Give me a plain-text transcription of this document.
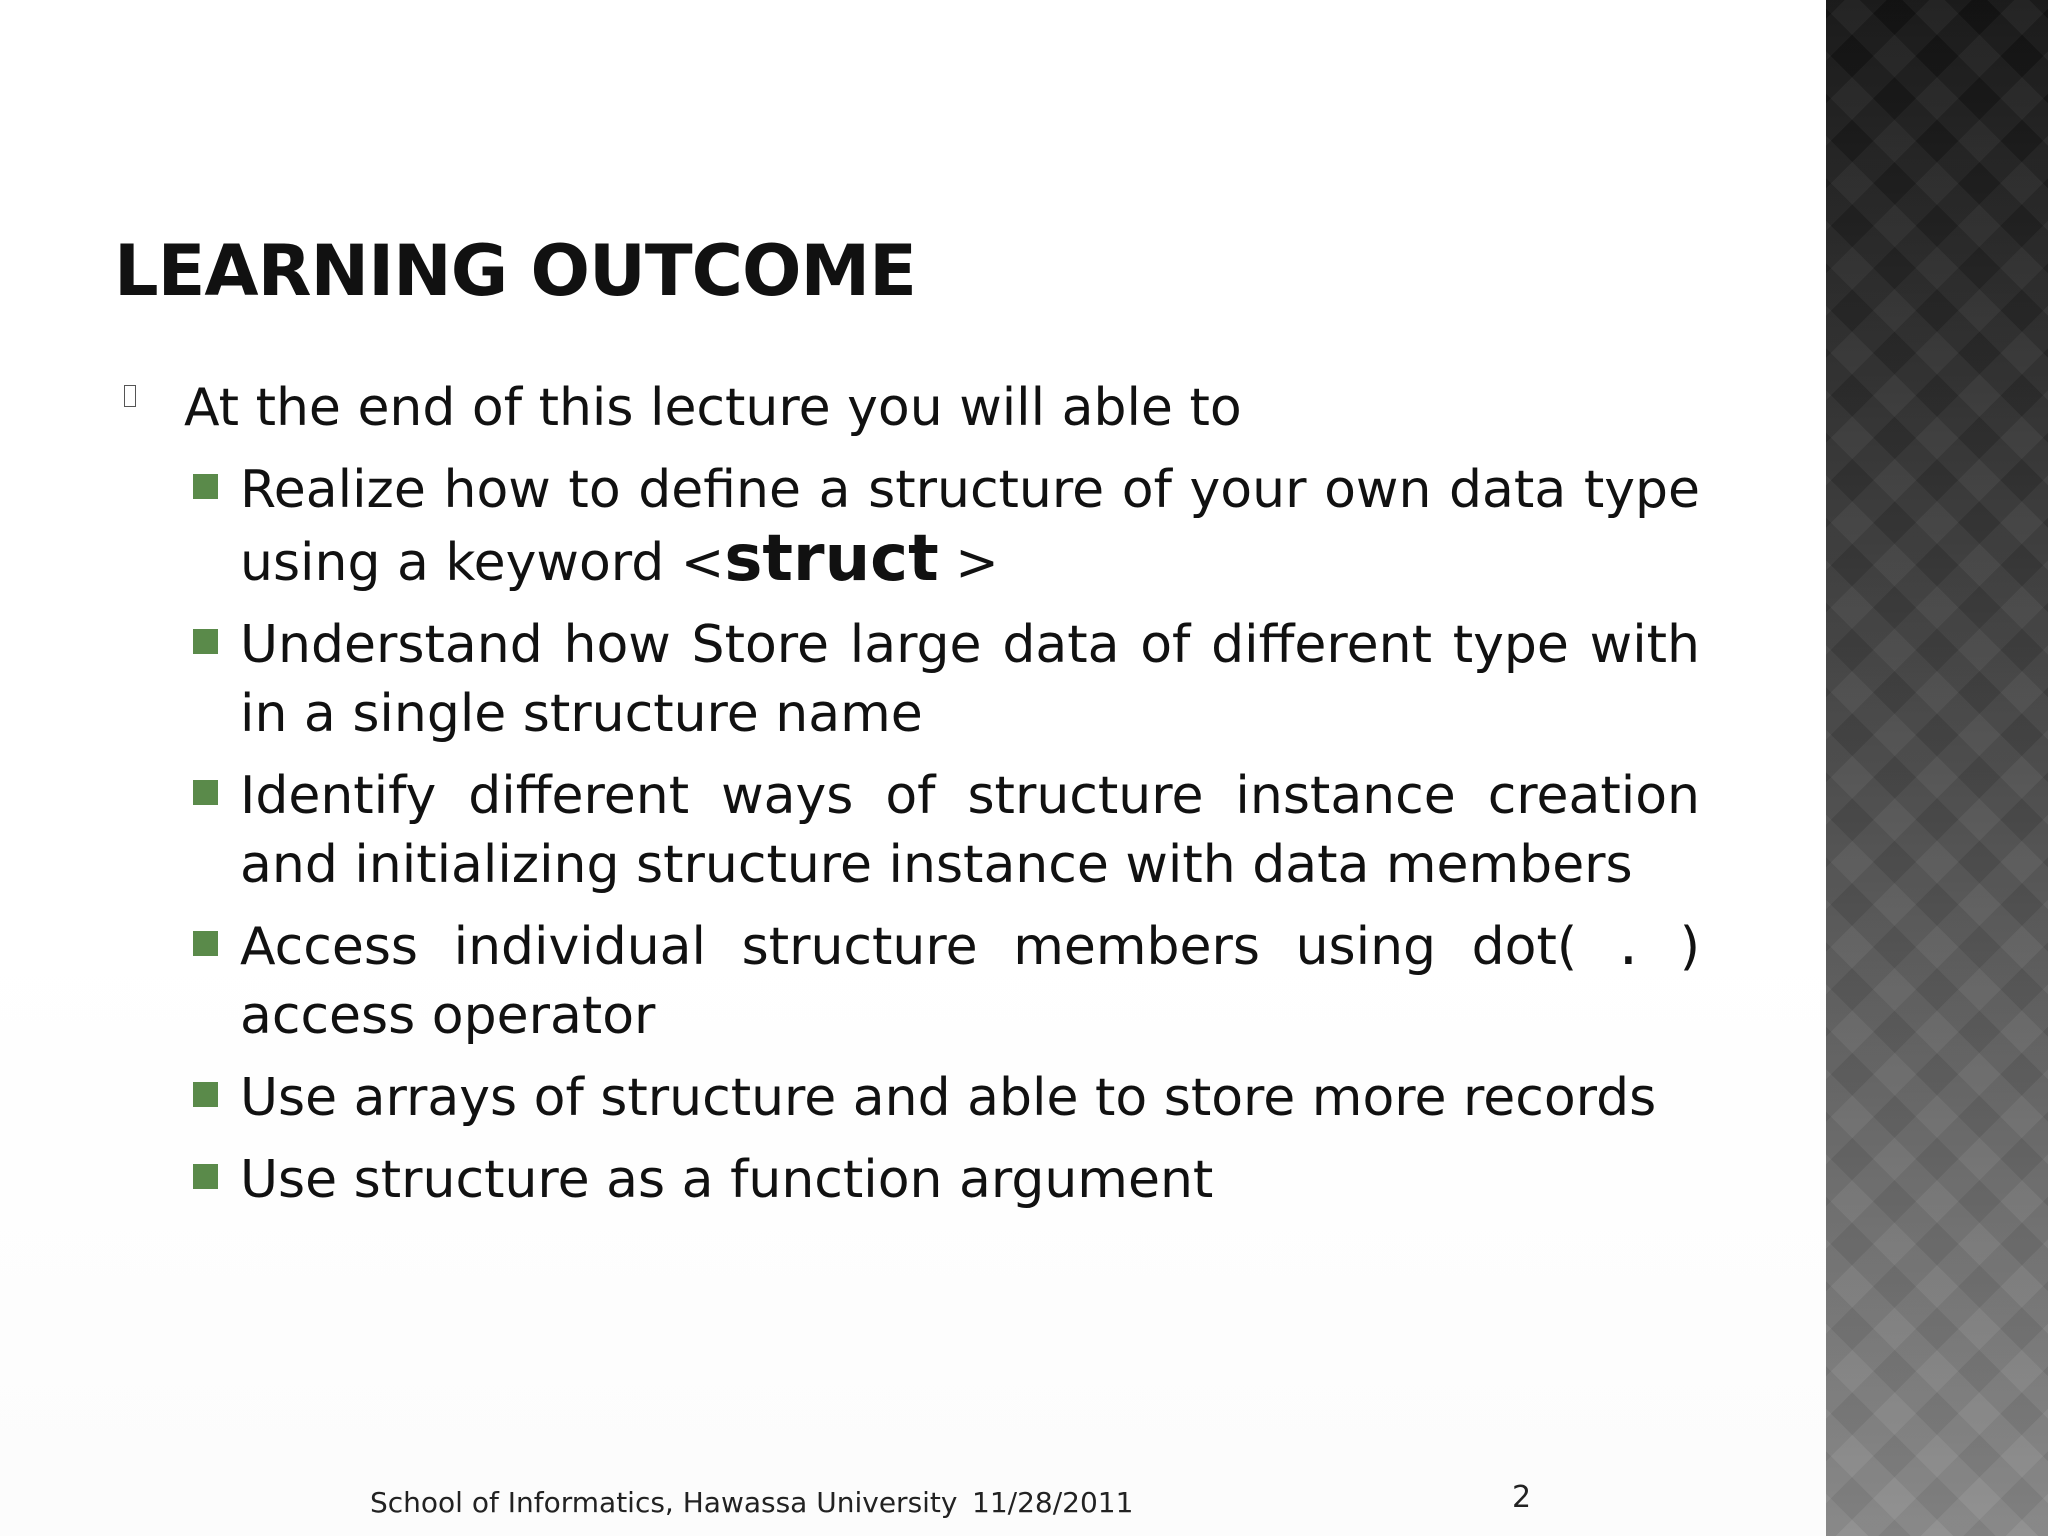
LEARNING OUTCOME
At the end of this lecture you will able to
Realize how to define a structure of your own data type using a keyword <struct >
Understand how Store large data of different type with in a single structure name
Identify different ways of structure instance creation and initializing structure instance with data members
Access individual structure members using dot( . ) access operator
Use arrays of structure and able to store more records
Use structure as a function argument
School of Informatics, Hawassa University 11/28/2011	2
